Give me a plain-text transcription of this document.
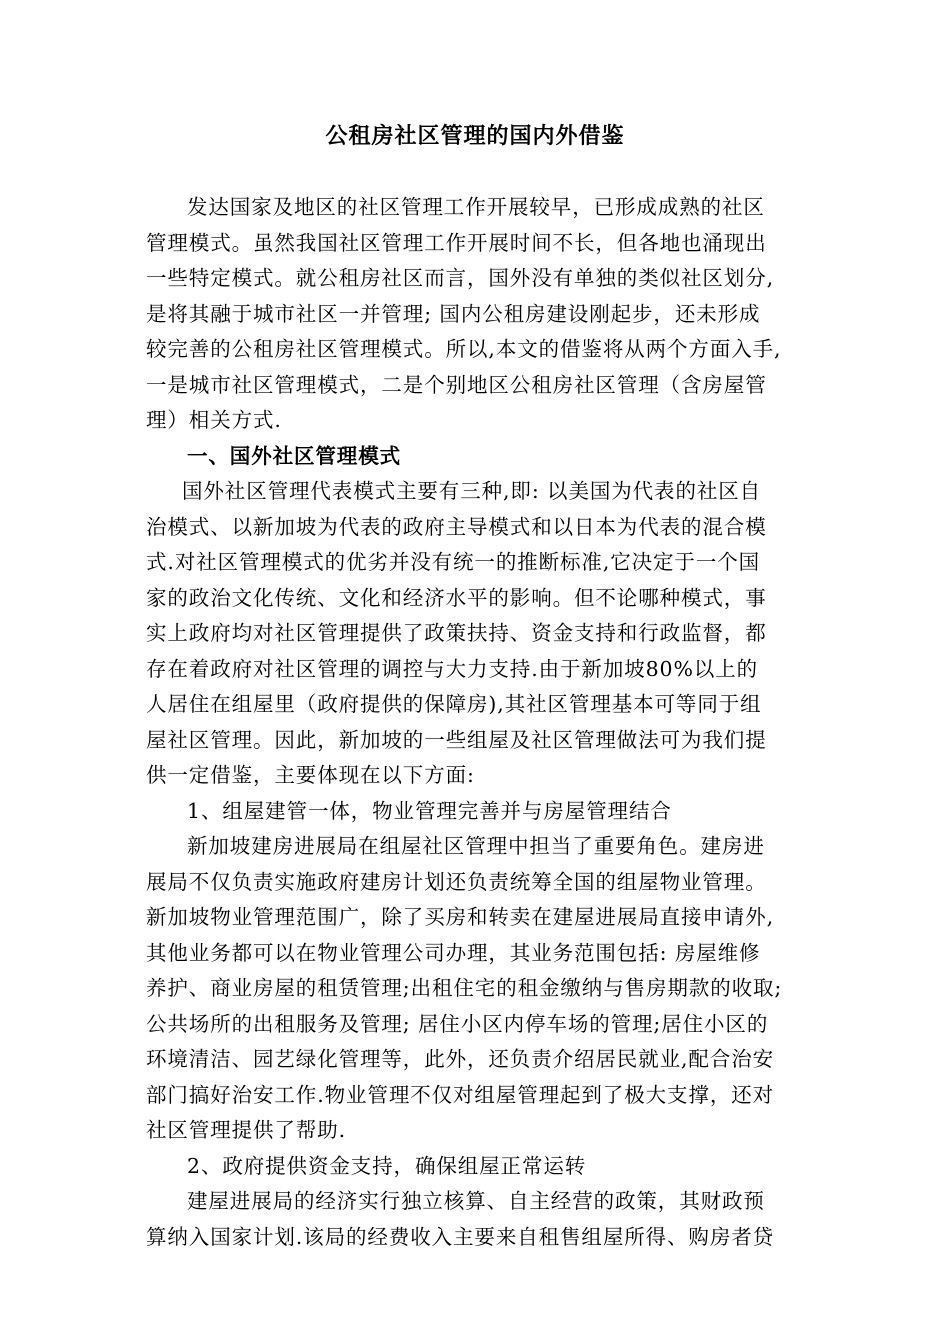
公租房社区管理的国内外借鉴
发达国家及地区的社区管理工作开展较早，已形成成熟的社区
管理模式。虽然我国社区管理工作开展时间不长，但各地也涌现出
一些特定模式。就公租房社区而言，国外没有单独的类似社区划分,
是将其融于城市社区一并管理; 国内公租房建设刚起步，还未形成
较完善的公租房社区管理模式。所以,本文的借鉴将从两个方面入手,
一是城市社区管理模式，二是个别地区公租房社区管理（含房屋管
理）相关方式.
一、国外社区管理模式
国外社区管理代表模式主要有三种,即: 以美国为代表的社区自
治模式、以新加坡为代表的政府主导模式和以日本为代表的混合模
式.对社区管理模式的优劣并没有统一的推断标准,它决定于一个国
家的政治文化传统、文化和经济水平的影响。但不论哪种模式，事
实上政府均对社区管理提供了政策扶持、资金支持和行政监督，都
存在着政府对社区管理的调控与大力支持.由于新加坡80%以上的
人居住在组屋里（政府提供的保障房),其社区管理基本可等同于组
屋社区管理。因此，新加坡的一些组屋及社区管理做法可为我们提
供一定借鉴，主要体现在以下方面:
1、组屋建管一体，物业管理完善并与房屋管理结合
新加坡建房进展局在组屋社区管理中担当了重要角色。建房进
展局不仅负责实施政府建房计划还负责统筹全国的组屋物业管理。
新加坡物业管理范围广，除了买房和转卖在建屋进展局直接申请外,
其他业务都可以在物业管理公司办理，其业务范围包括: 房屋维修
养护、商业房屋的租赁管理;出租住宅的租金缴纳与售房期款的收取;
公共场所的出租服务及管理; 居住小区内停车场的管理;居住小区的
环境清洁、园艺绿化管理等，此外，还负责介绍居民就业,配合治安
部门搞好治安工作.物业管理不仅对组屋管理起到了极大支撑，还对
社区管理提供了帮助.
2、政府提供资金支持，确保组屋正常运转
建屋进展局的经济实行独立核算、自主经营的政策，其财政预
算纳入国家计划.该局的经费收入主要来自租售组屋所得、购房者贷
